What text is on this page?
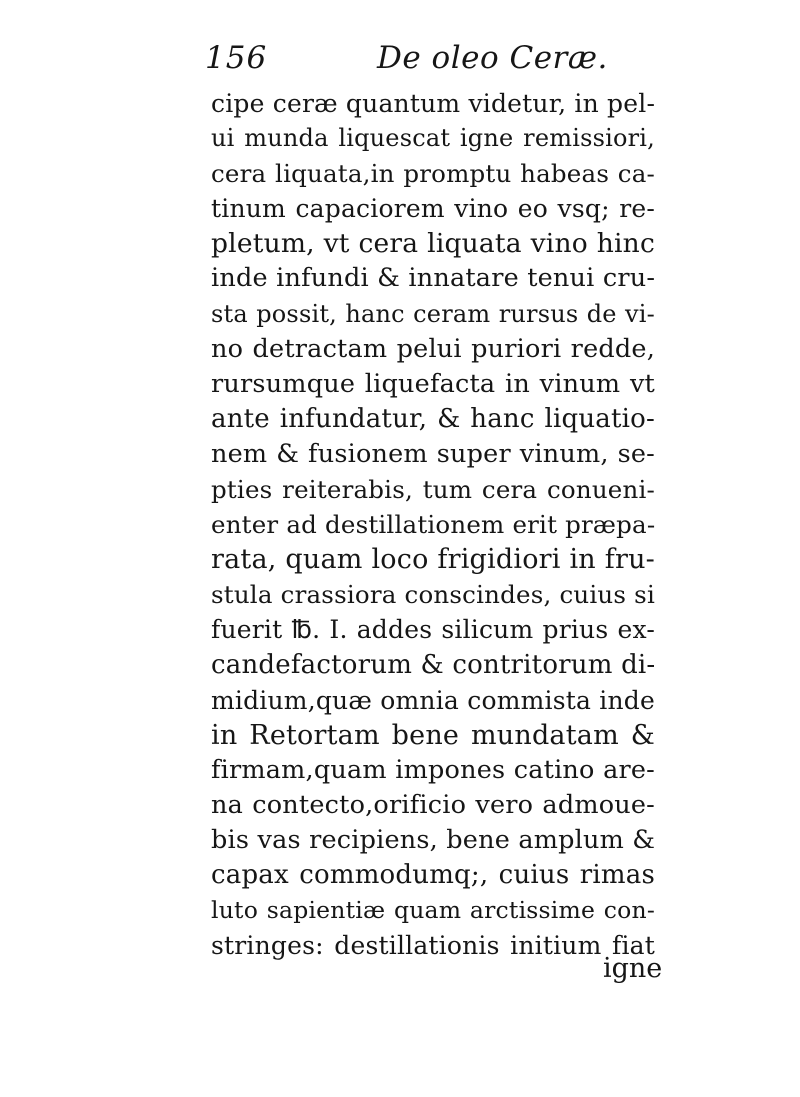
156	De oleo Ceræ.
cipe ceræ quantum videtur, in pel-
ui munda liquescat igne remissiori,
cera liquata,in promptu habeas ca-
tinum capaciorem vino eo vsq; re-
pletum, vt cera liquata vino hinc
inde infundi & innatare tenui cru-
sta possit, hanc ceram rursus de vi-
no detractam pelui puriori redde,
rursumque liquefacta in vinum vt
ante infundatur, & hanc liquatio-
nem & fusionem super vinum, se-
pties reiterabis, tum cera conueni-
enter ad destillationem erit præpa-
rata, quam loco frigidiori in fru-
stula crassiora conscindes, cuius si
fuerit ℔. I. addes silicum prius ex-
candefactorum & contritorum di-
midium,quæ omnia commista inde
in Retortam bene mundatam &
firmam,quam impones catino are-
na contecto,orificio vero admoue-
bis vas recipiens, bene amplum &
capax commodumq;, cuius rimas
luto sapientiæ quam arctissime con-
stringes: destillationis initium fiat
igne
